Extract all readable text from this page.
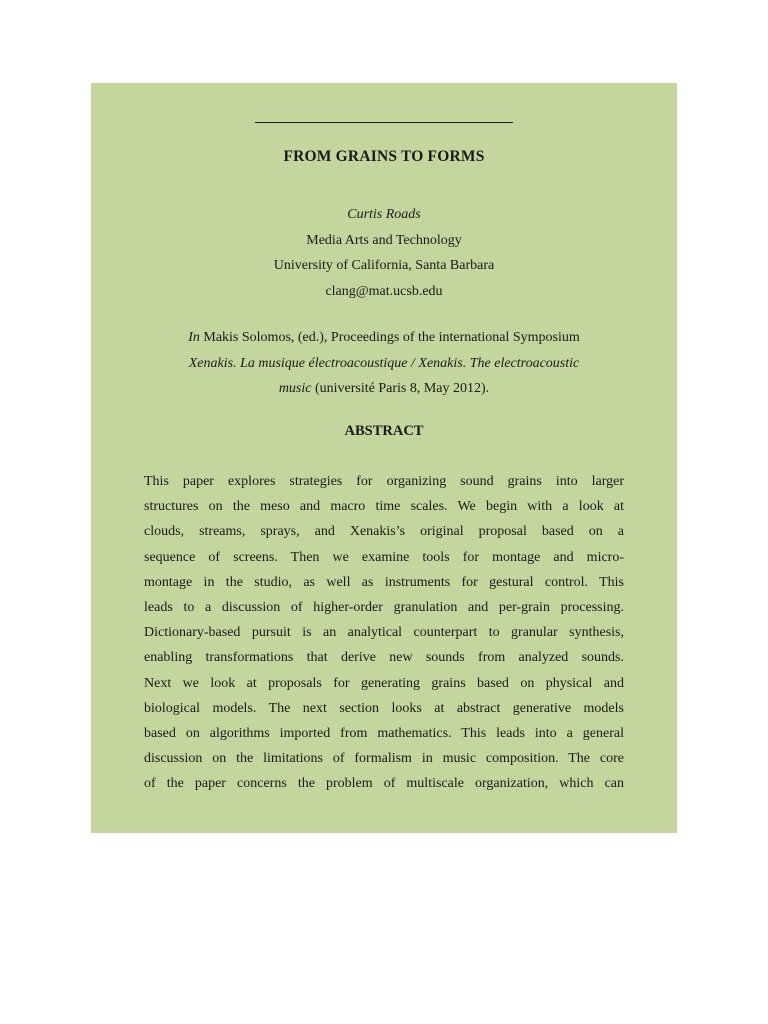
FROM GRAINS TO FORMS
Curtis Roads
Media Arts and Technology
University of California, Santa Barbara
clang@mat.ucsb.edu
In Makis Solomos, (ed.), Proceedings of the international Symposium
Xenakis. La musique électroacoustique / Xenakis. The electroacoustic
music (université Paris 8, May 2012).
ABSTRACT
This paper explores strategies for organizing sound grains into larger
structures on the meso and macro time scales. We begin with a look at
clouds, streams, sprays, and Xenakis’s original proposal based on a
sequence of screens. Then we examine tools for montage and micro-
montage in the studio, as well as instruments for gestural control. This
leads to a discussion of higher-order granulation and per-grain processing.
Dictionary-based pursuit is an analytical counterpart to granular synthesis,
enabling transformations that derive new sounds from analyzed sounds.
Next we look at proposals for generating grains based on physical and
biological models. The next section looks at abstract generative models
based on algorithms imported from mathematics. This leads into a general
discussion on the limitations of formalism in music composition. The core
of the paper concerns the problem of multiscale organization, which can
